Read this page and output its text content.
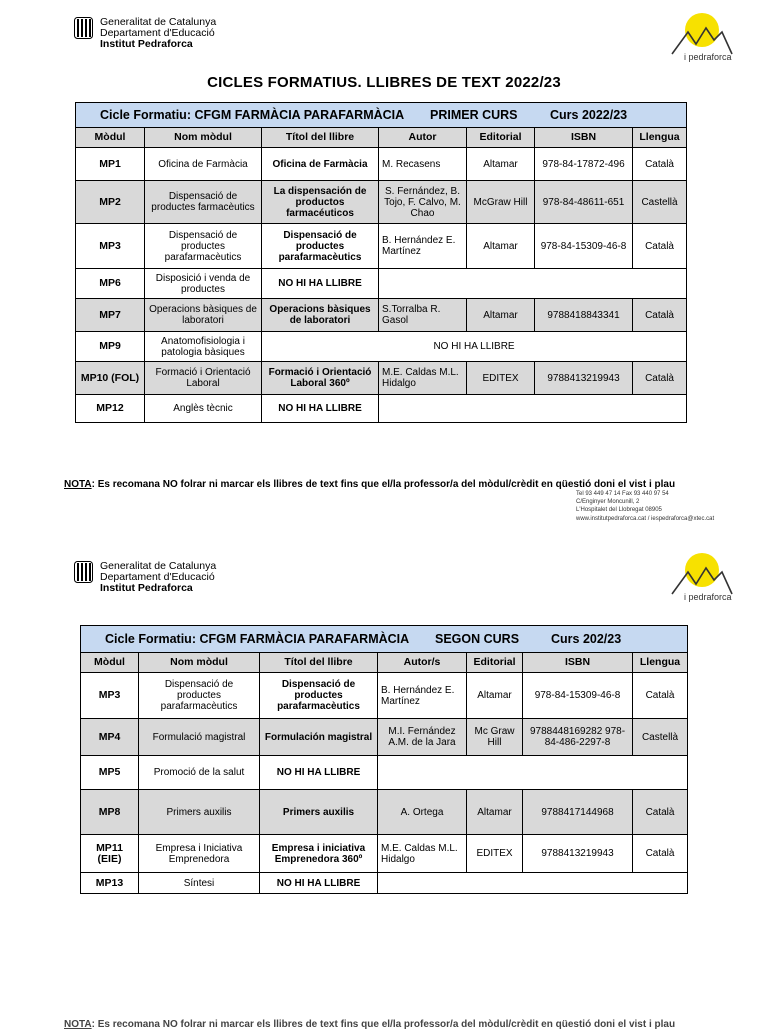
Generalitat de Catalunya
Departament d'Educació
Institut Pedraforca
i pedraforca
CICLES FORMATIUS. LLIBRES DE TEXT 2022/23
Cicle Formatiu: CFGM FARMÀCIA PARAFARMÀCIA PRIMER CURS Curs 2022/23						
Mòdul	Nom mòdul	Títol del llibre	Autor	Editorial	ISBN	Llengua
MP1	Oficina de Farmàcia	Oficina de Farmàcia	M. Recasens	Altamar	978-84-17872-496	Català
MP2	Dispensació de productes farmacèutics	La dispensación de productos farmacéuticos	S. Fernández, B. Tojo, F. Calvo, M. Chao	McGraw Hill	978-84-48611-651	Castellà
MP3	Dispensació de productes parafarmacèutics	Dispensació de productes parafarmacèutics	B. Hernández E. Martínez	Altamar	978-84-15309-46-8	Català
MP6	Disposició i venda de productes	NO HI HA LLIBRE				
MP7	Operacions bàsiques de laboratori	Operacions bàsiques de laboratori	S.Torralba R. Gasol	Altamar	9788418843341	Català
MP9	Anatomofisiologia i patologia bàsiques	NO HI HA LLIBRE				
MP10 (FOL)	Formació i Orientació Laboral	Formació i Orientació Laboral 360º	M.E. Caldas M.L. Hidalgo	EDITEX	9788413219943	Català
MP12	Anglès tècnic	NO HI HA LLIBRE				
NOTA: Es recomana NO folrar ni marcar els llibres de text fins que el/la professor/a del mòdul/crèdit en qüestió doni el vist i plau
Tel 93 449 47 14 Fax 93 440 97 54
C/Enginyer Moncunill, 2
L'Hospitalet del Llobregat 08905
www.institutpedraforca.cat / iespedraforca@xtec.cat
Generalitat de Catalunya
Departament d'Educació
Institut Pedraforca
i pedraforca
Cicle Formatiu: CFGM FARMÀCIA PARAFARMÀCIA SEGON CURS Curs 202/23						
Mòdul	Nom mòdul	Títol del llibre	Autor/s	Editorial	ISBN	Llengua
MP3	Dispensació de productes parafarmacèutics	Dispensació de productes parafarmacèutics	B. Hernández E. Martínez	Altamar	978-84-15309-46-8	Català
MP4	Formulació magistral	Formulación magistral	M.I. Fernández A.M. de la Jara	Mc Graw Hill	9788448169282 978-84-486-2297-8	Castellà
MP5	Promoció de la salut	NO HI HA LLIBRE				
MP8	Primers auxilis	Primers auxilis	A. Ortega	Altamar	9788417144968	Català
MP11 (EIE)	Empresa i Iniciativa Emprenedora	Empresa i iniciativa Emprenedora 360º	M.E. Caldas M.L. Hidalgo	EDITEX	9788413219943	Català
MP13	Síntesi	NO HI HA LLIBRE				
NOTA: Es recomana NO folrar ni marcar els llibres de text fins que el/la professor/a del mòdul/crèdit en qüestió doni el vist i plau
